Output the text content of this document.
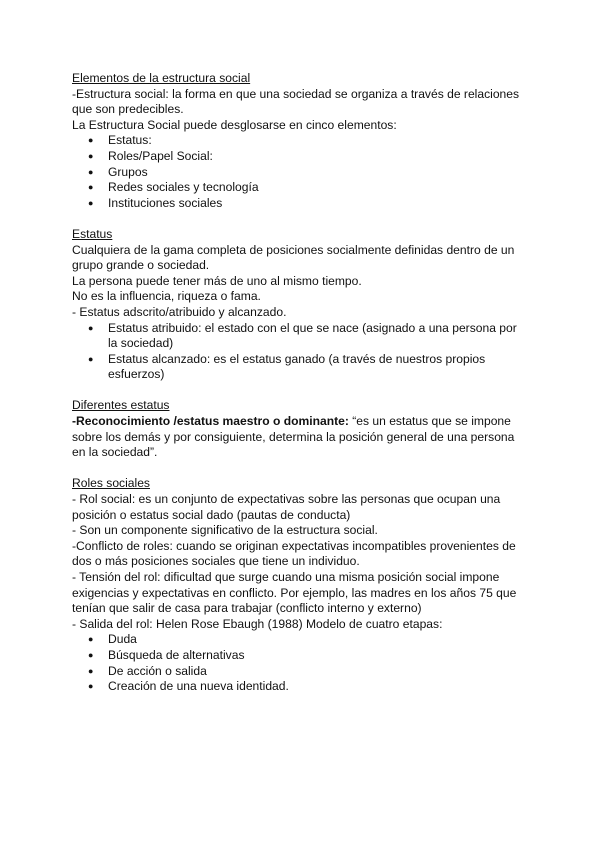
Elementos de la estructura social
-Estructura social: la forma en que una sociedad se organiza a través de relaciones
que son predecibles.
La Estructura Social puede desglosarse en cinco elementos:
● Estatus:
● Roles/Papel Social:
● Grupos
● Redes sociales y tecnología
● Instituciones sociales
Estatus
Cualquiera de la gama completa de posiciones socialmente definidas dentro de un
grupo grande o sociedad.
La persona puede tener más de uno al mismo tiempo.
No es la influencia, riqueza o fama.
- Estatus adscrito/atribuido y alcanzado.
● Estatus atribuido: el estado con el que se nace (asignado a una persona por
la sociedad)
● Estatus alcanzado: es el estatus ganado (a través de nuestros propios
esfuerzos)
Diferentes estatus
-Reconocimiento /estatus maestro o dominante: “es un estatus que se impone
sobre los demás y por consiguiente, determina la posición general de una persona
en la sociedad”.
Roles sociales
- Rol social: es un conjunto de expectativas sobre las personas que ocupan una
posición o estatus social dado (pautas de conducta)
- Son un componente significativo de la estructura social.
-Conflicto de roles: cuando se originan expectativas incompatibles provenientes de
dos o más posiciones sociales que tiene un individuo.
- Tensión del rol: dificultad que surge cuando una misma posición social impone
exigencias y expectativas en conflicto. Por ejemplo, las madres en los años 75 que
tenían que salir de casa para trabajar (conflicto interno y externo)
- Salida del rol: Helen Rose Ebaugh (1988) Modelo de cuatro etapas:
● Duda
● Búsqueda de alternativas
● De acción o salida
● Creación de una nueva identidad.
